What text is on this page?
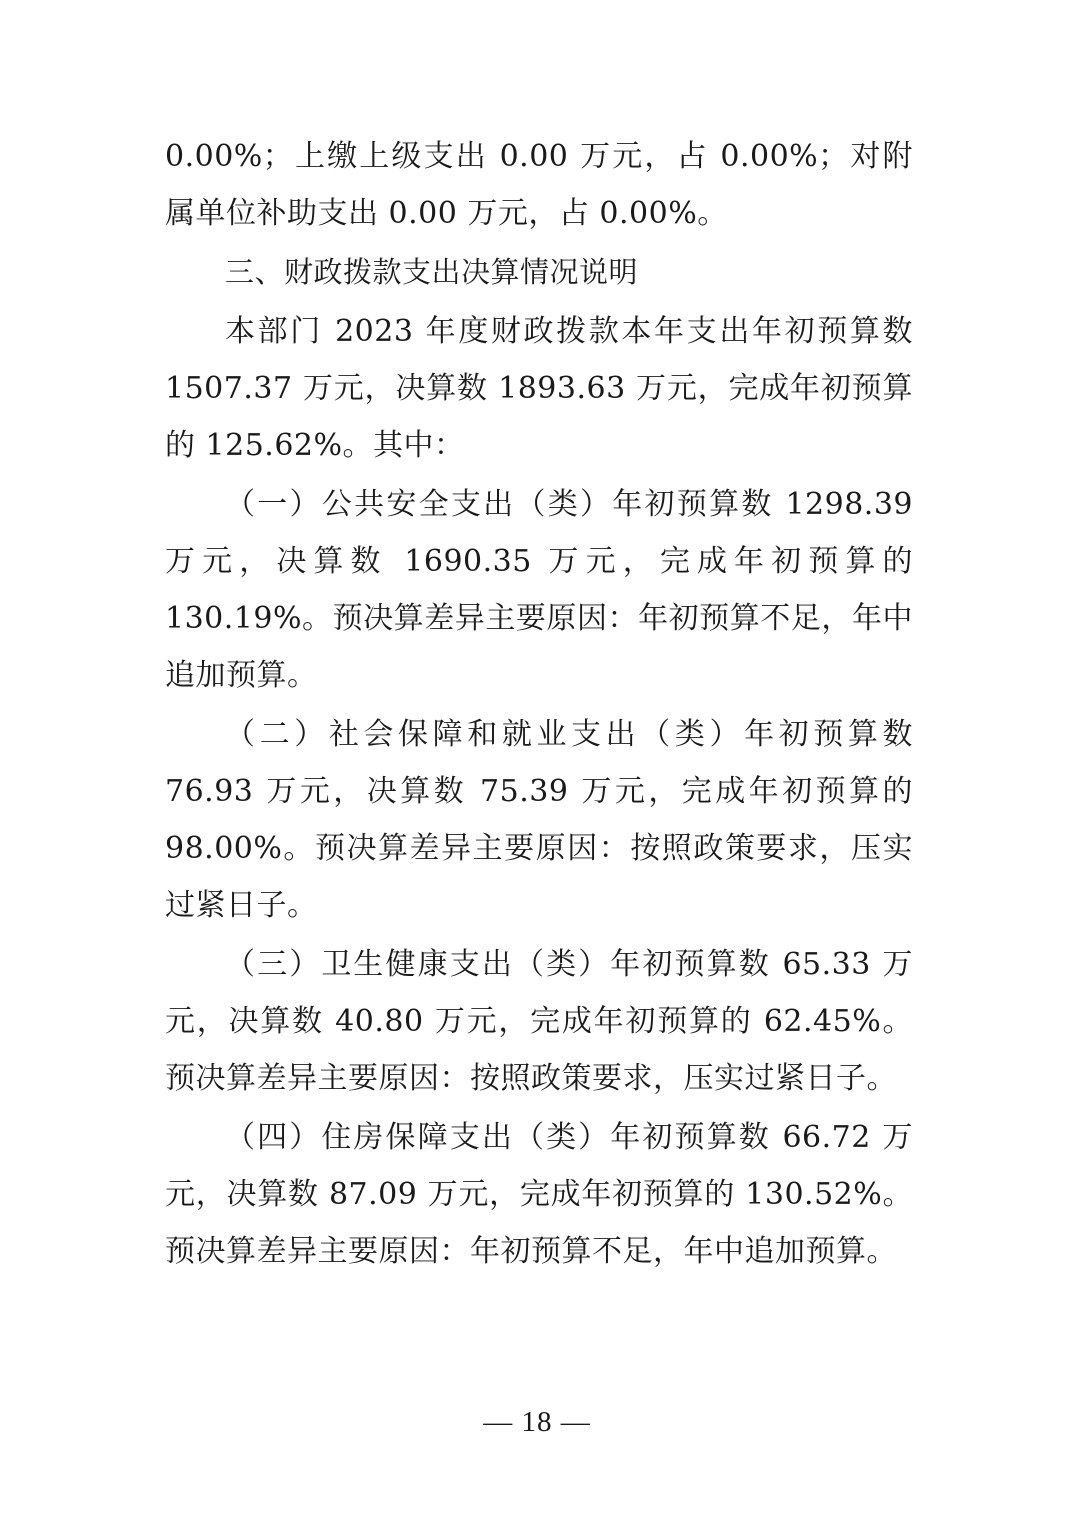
0.00%；上缴上级支出 0.00 万元，占 0.00%；对附属单位补助支出 0.00 万元，占 0.00%。

三、财政拨款支出决算情况说明

本部门 2023 年度财政拨款本年支出年初预算数 1507.37 万元，决算数 1893.63 万元，完成年初预算的 125.62%。其中：

（一）公共安全支出（类）年初预算数 1298.39 万元，决算数 1690.35 万元，完成年初预算的 130.19%。预决算差异主要原因：年初预算不足，年中追加预算。

（二）社会保障和就业支出（类）年初预算数 76.93 万元，决算数 75.39 万元，完成年初预算的 98.00%。预决算差异主要原因：按照政策要求，压实过紧日子。

（三）卫生健康支出（类）年初预算数 65.33 万元，决算数 40.80 万元，完成年初预算的 62.45%。预决算差异主要原因：按照政策要求，压实过紧日子。

（四）住房保障支出（类）年初预算数 66.72 万元，决算数 87.09 万元，完成年初预算的 130.52%。预决算差异主要原因：年初预算不足，年中追加预算。

— 18 —
